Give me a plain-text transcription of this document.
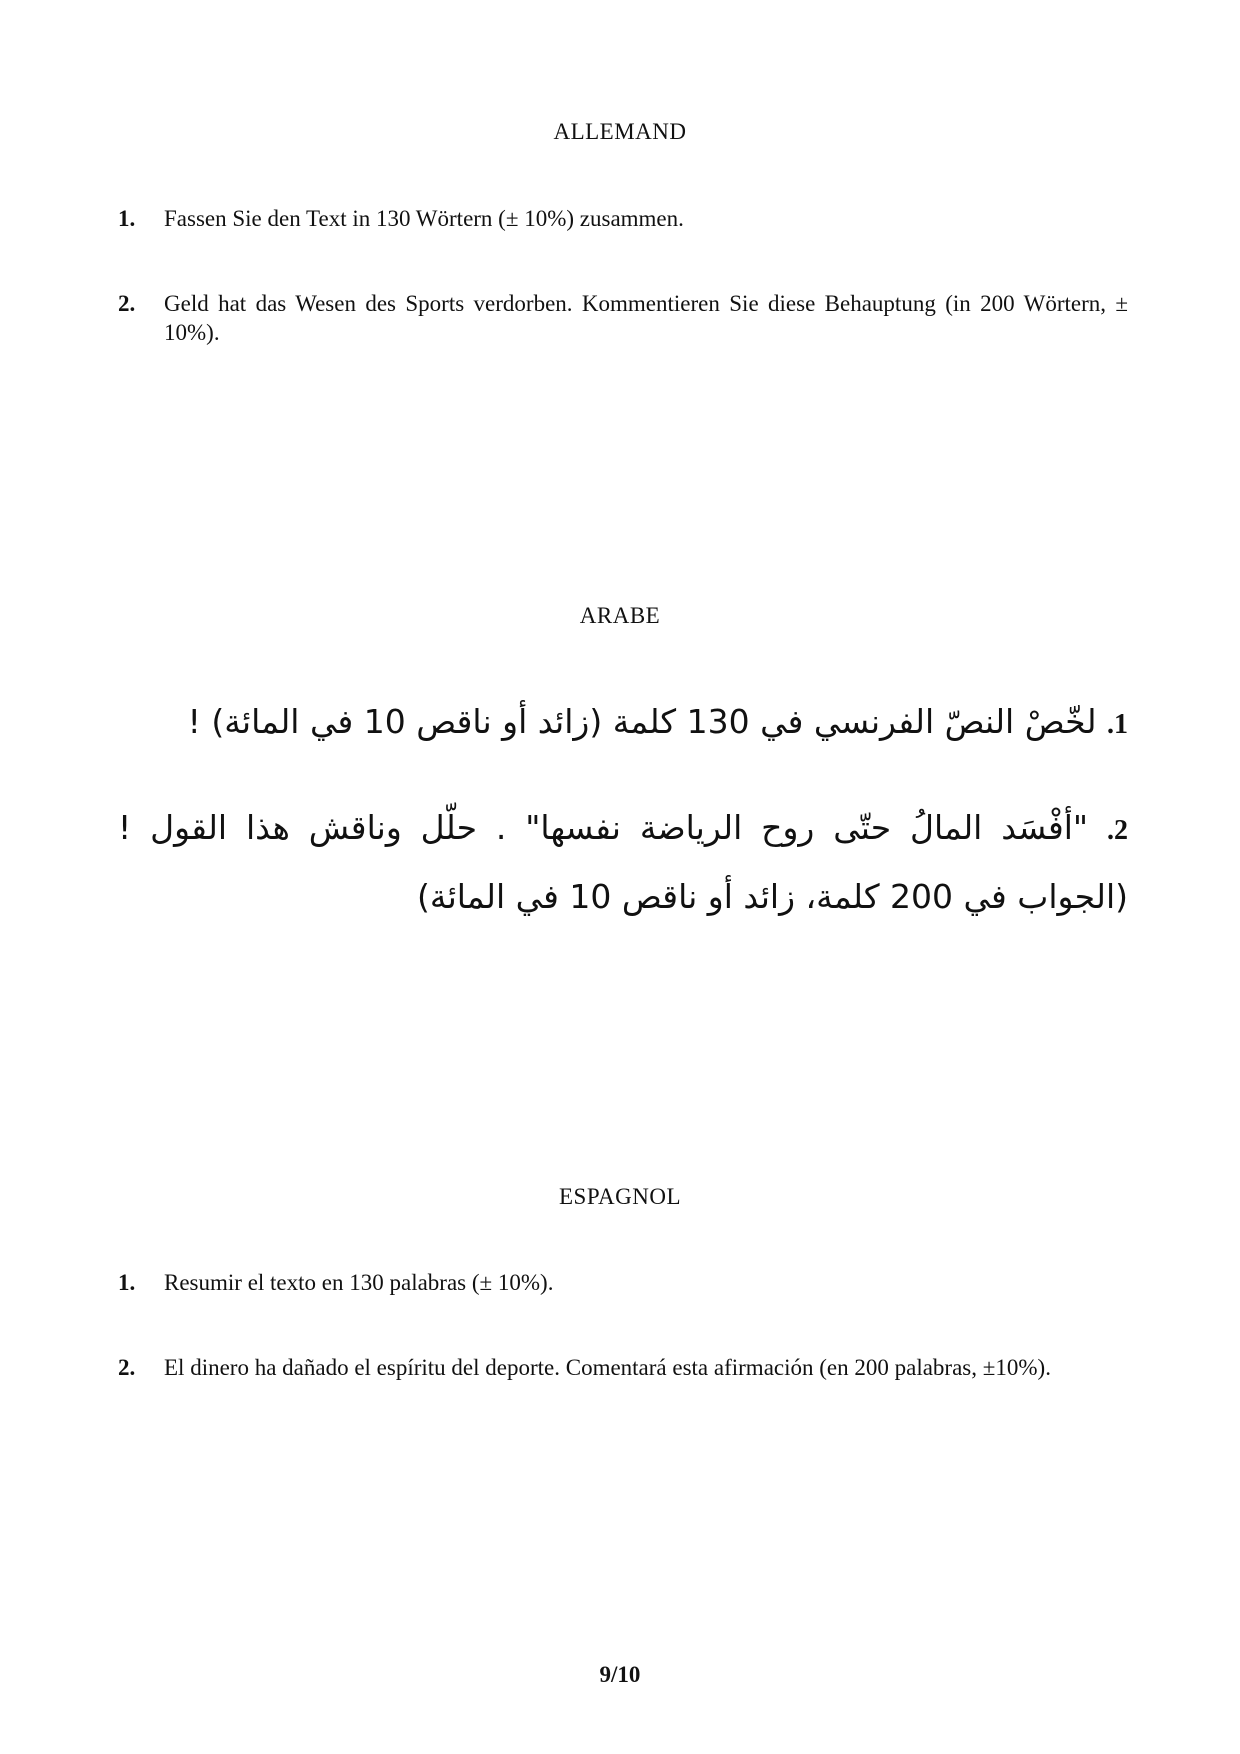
ALLEMAND
1. Fassen Sie den Text in 130 Wörtern (± 10%) zusammen.
2. Geld hat das Wesen des Sports verdorben. Kommentieren Sie diese Behauptung (in 200 Wörtern, ± 10%).
ARABE
1. لخّصْ النصّ الفرنسي في 130 كلمة (زائد أو ناقص 10 في المائة) !
2. "أفْسَد المالُ حتّى روح الرياضة نفسها" . حلّل وناقش هذا القول ! (الجواب في 200 كلمة، زائد أو ناقص 10 في المائة)
ESPAGNOL
1. Resumir el texto en 130 palabras (± 10%).
2. El dinero ha dañado el espíritu del deporte. Comentará esta afirmación (en 200 palabras, ±10%).
9/10
